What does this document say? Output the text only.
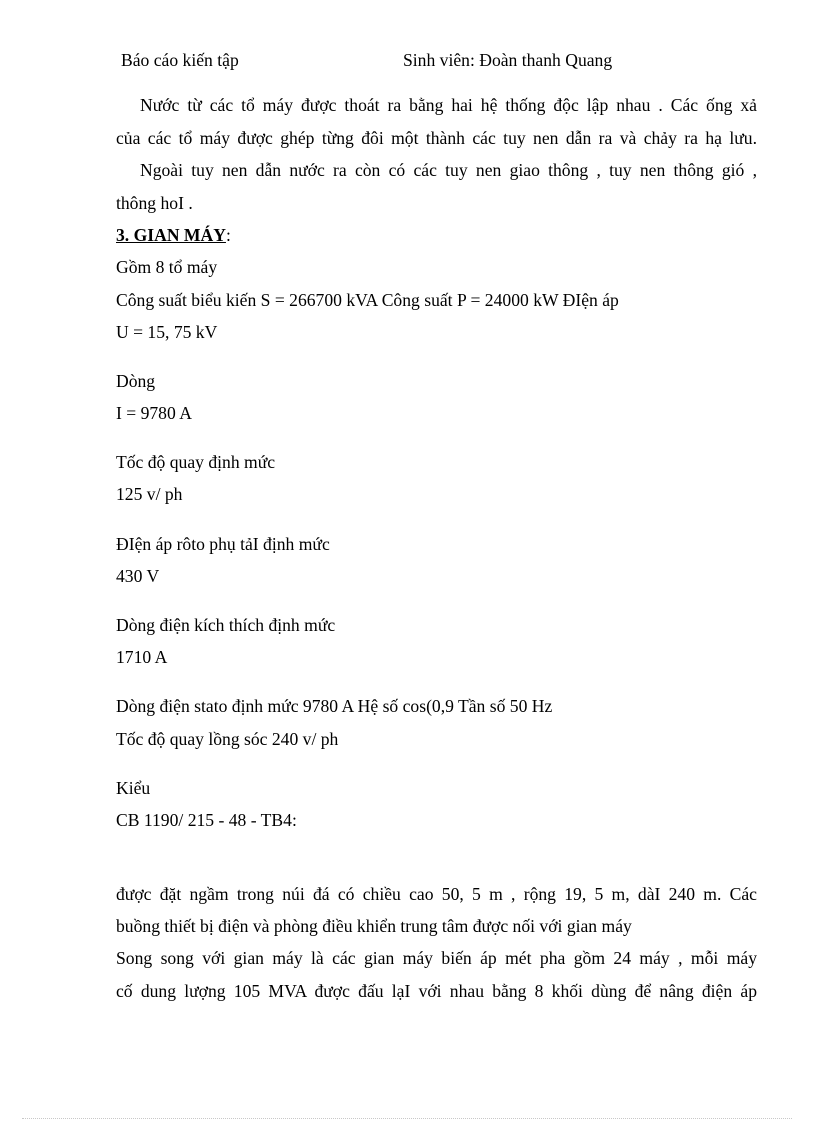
Báo cáo kiến tập	Sinh viên: Đoàn thanh Quang
Nước từ các tổ máy được thoát ra bằng hai hệ thống độc lập nhau . Các ống xả
của các tổ máy được ghép từng đôi một thành các tuy nen dẫn ra và chảy ra hạ lưu.
Ngoài tuy nen dẫn nước ra còn có các tuy nen giao thông , tuy nen thông gió ,
thông hoI .
3. GIAN MÁY:
Gồm 8 tổ máy
Công suất biểu kiến S = 266700 kVA Công suất P = 24000 kW ĐIện áp
U = 15, 75 kV
Dòng
I = 9780 A
Tốc độ quay định mức
125 v/ ph
ĐIện áp rôto phụ tảI định mức
430 V
Dòng điện kích thích định mức
1710 A
Dòng điện stato định mức 9780 A Hệ số cos(0,9 Tần số 50 Hz
Tốc độ quay lồng sóc 240 v/ ph
Kiểu
CB 1190/ 215 - 48 - TB4:
được đặt ngầm trong núi đá có chiều cao 50, 5 m , rộng 19, 5 m, dàI 240 m. Các
buồng thiết bị điện và phòng điều khiển trung tâm được nối với gian máy
Song song với gian máy là các gian máy biến áp mét pha gồm 24 máy , mỗi máy
cố dung lượng 105 MVA được đấu lạI với nhau bằng 8 khối dùng để nâng điện áp
